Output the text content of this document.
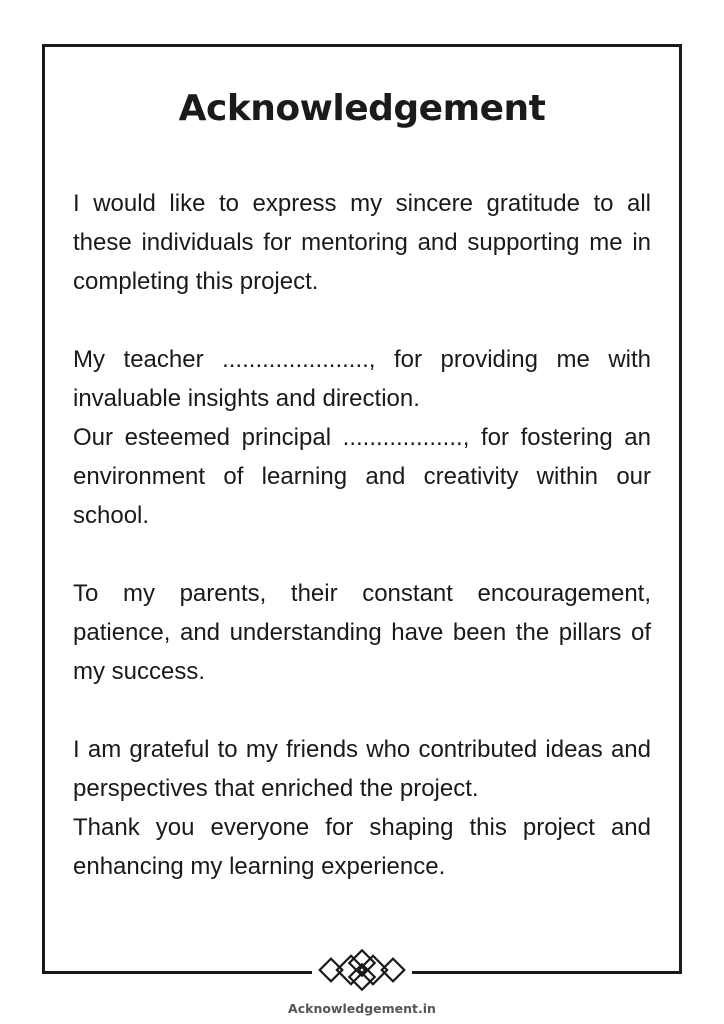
Acknowledgement

I would like to express my sincere gratitude to all these individuals for mentoring and supporting me in completing this project.

My teacher ......................, for providing me with invaluable insights and direction.

Our esteemed principal .................., for fostering an environment of learning and creativity within our school.

To my parents, their constant encouragement, patience, and understanding have been the pillars of my success.

I am grateful to my friends who contributed ideas and perspectives that enriched the project.

Thank you everyone for shaping this project and enhancing my learning experience.

Acknowledgement.in
